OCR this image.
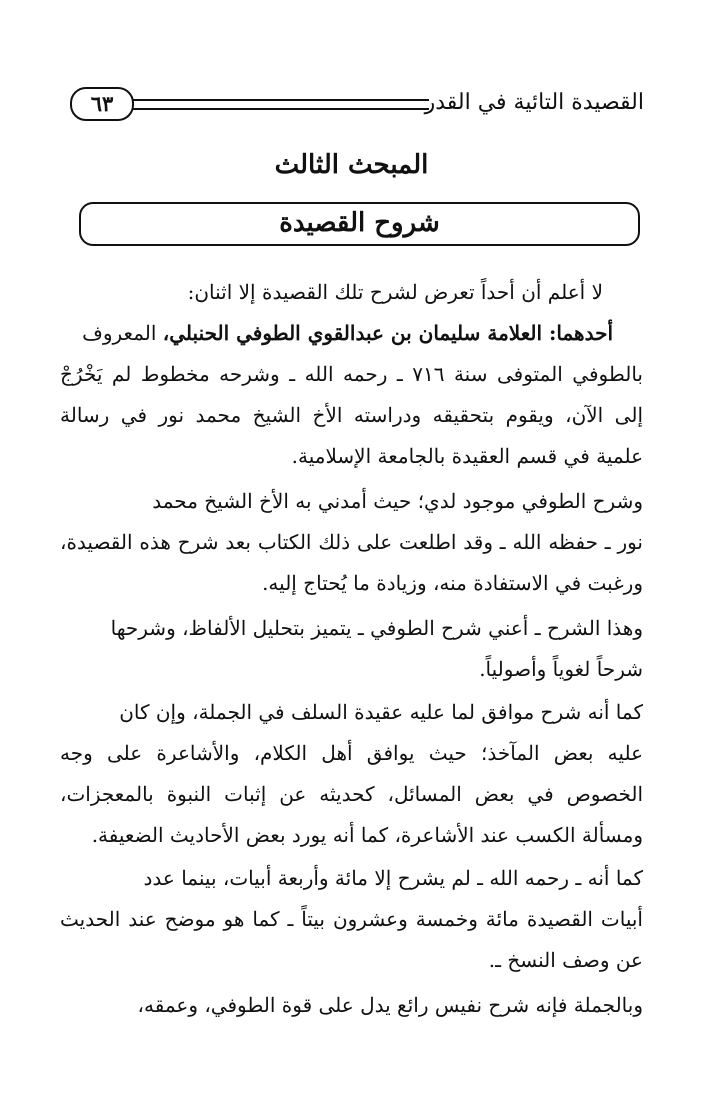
القصيدة التائية في القدر
٦٣
المبحث الثالث
شروح القصيدة
لا أعلم أن أحداً تعرض لشرح تلك القصيدة إلا اثنان:
أحدهما: العلامة سليمان بن عبدالقوي الطوفي الحنبلي، المعروف
بالطوفي المتوفى سنة ٧١٦ ـ رحمه الله ـ وشرحه مخطوط لم يَخْرُجْ
إلى الآن، ويقوم بتحقيقه ودراسته الأخ الشيخ محمد نور في رسالة
علمية في قسم العقيدة بالجامعة الإسلامية.
وشرح الطوفي موجود لدي؛ حيث أمدني به الأخ الشيخ محمد
نور ـ حفظه الله ـ وقد اطلعت على ذلك الكتاب بعد شرح هذه القصيدة،
ورغبت في الاستفادة منه، وزيادة ما يُحتاج إليه.
وهذا الشرح ـ أعني شرح الطوفي ـ يتميز بتحليل الألفاظ، وشرحها
شرحاً لغوياً وأصولياً.
كما أنه شرح موافق لما عليه عقيدة السلف في الجملة، وإن كان
عليه بعض المآخذ؛ حيث يوافق أهل الكلام، والأشاعرة على وجه
الخصوص في بعض المسائل، كحديثه عن إثبات النبوة بالمعجزات،
ومسألة الكسب عند الأشاعرة، كما أنه يورد بعض الأحاديث الضعيفة.
كما أنه ـ رحمه الله ـ لم يشرح إلا مائة وأربعة أبيات، بينما عدد
أبيات القصيدة مائة وخمسة وعشرون بيتاً ـ كما هو موضح عند الحديث
عن وصف النسخ ـ.
وبالجملة فإنه شرح نفيس رائع يدل على قوة الطوفي، وعمقه،
